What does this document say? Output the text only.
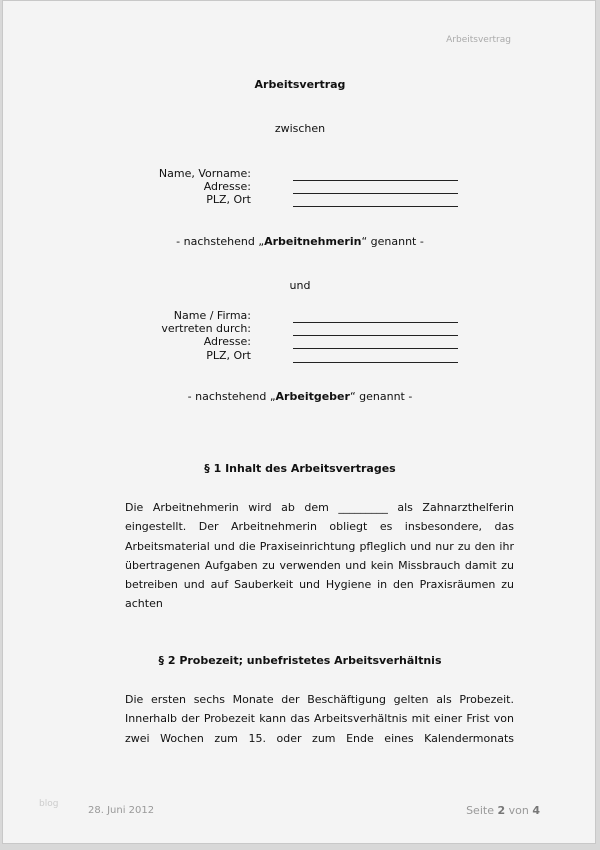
Arbeitsvertrag
Arbeitsvertrag
zwischen
Name, Vorname:
Adresse:
PLZ, Ort
- nachstehend „Arbeitnehmerin“ genannt -
und
Name / Firma:
vertreten durch:
Adresse:
PLZ, Ort
- nachstehend „Arbeitgeber“ genannt -
§ 1 Inhalt des Arbeitsvertrages
Die Arbeitnehmerin wird ab dem _________ als Zahnarzthelferin
eingestellt. Der Arbeitnehmerin obliegt es insbesondere, das
Arbeitsmaterial und die Praxiseinrichtung pfleglich und nur zu den ihr
übertragenen Aufgaben zu verwenden und kein Missbrauch damit zu
betreiben und auf Sauberkeit und Hygiene in den Praxisräumen zu
achten
§ 2 Probezeit; unbefristetes Arbeitsverhältnis
Die ersten sechs Monate der Beschäftigung gelten als Probezeit.
Innerhalb der Probezeit kann das Arbeitsverhältnis mit einer Frist von
zwei Wochen zum 15. oder zum Ende eines Kalendermonats
blog
28. Juni 2012	Seite 2 von 4
